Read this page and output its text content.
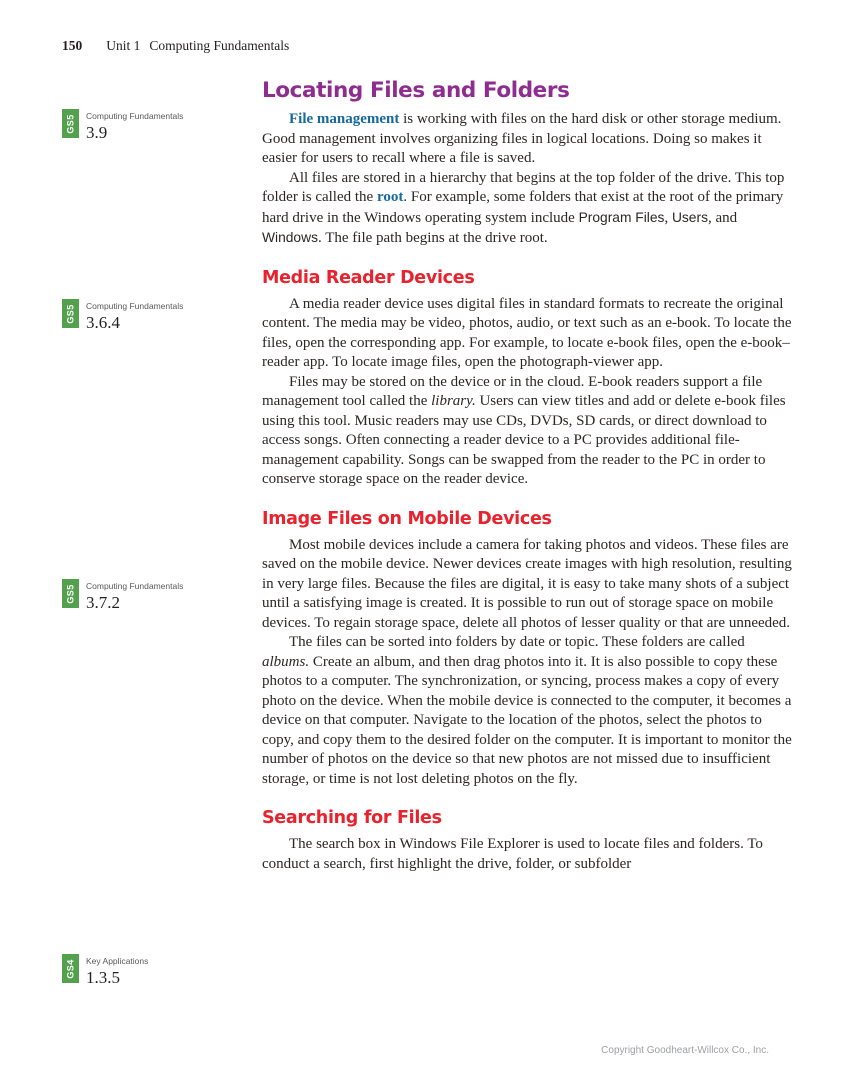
150 Unit 1 Computing Fundamentals
GS5 Computing Fundamentals
3.9
GS5 Computing Fundamentals
3.6.4
GS5 Computing Fundamentals
3.7.2
GS4 Key Applications
1.3.5
Locating Files and Folders

File management is working with files on the hard disk or other storage medium. Good management involves organizing files in logical locations. Doing so makes it easier for users to recall where a file is saved.

All files are stored in a hierarchy that begins at the top folder of the drive. This top folder is called the root. For example, some folders that exist at the root of the primary hard drive in the Windows operating system include Program Files, Users, and Windows. The file path begins at the drive root.

Media Reader Devices

A media reader device uses digital files in standard formats to recreate the original content. The media may be video, photos, audio, or text such as an e-book. To locate the files, open the corresponding app. For example, to locate e-book files, open the e-book–reader app. To locate image files, open the photograph-viewer app.

Files may be stored on the device or in the cloud. E-book readers support a file management tool called the library. Users can view titles and add or delete e-book files using this tool. Music readers may use CDs, DVDs, SD cards, or direct download to access songs. Often connecting a reader device to a PC provides additional file-management capability. Songs can be swapped from the reader to the PC in order to conserve storage space on the reader device.

Image Files on Mobile Devices

Most mobile devices include a camera for taking photos and videos. These files are saved on the mobile device. Newer devices create images with high resolution, resulting in very large files. Because the files are digital, it is easy to take many shots of a subject until a satisfying image is created. It is possible to run out of storage space on mobile devices. To regain storage space, delete all photos of lesser quality or that are unneeded.

The files can be sorted into folders by date or topic. These folders are called albums. Create an album, and then drag photos into it. It is also possible to copy these photos to a computer. The synchronization, or syncing, process makes a copy of every photo on the device. When the mobile device is connected to the computer, it becomes a device on that computer. Navigate to the location of the photos, select the photos to copy, and copy them to the desired folder on the computer. It is important to monitor the number of photos on the device so that new photos are not missed due to insufficient storage, or time is not lost deleting photos on the fly.

Searching for Files

The search box in Windows File Explorer is used to locate files and folders. To conduct a search, first highlight the drive, folder, or subfolder

Copyright Goodheart-Willcox Co., Inc.
